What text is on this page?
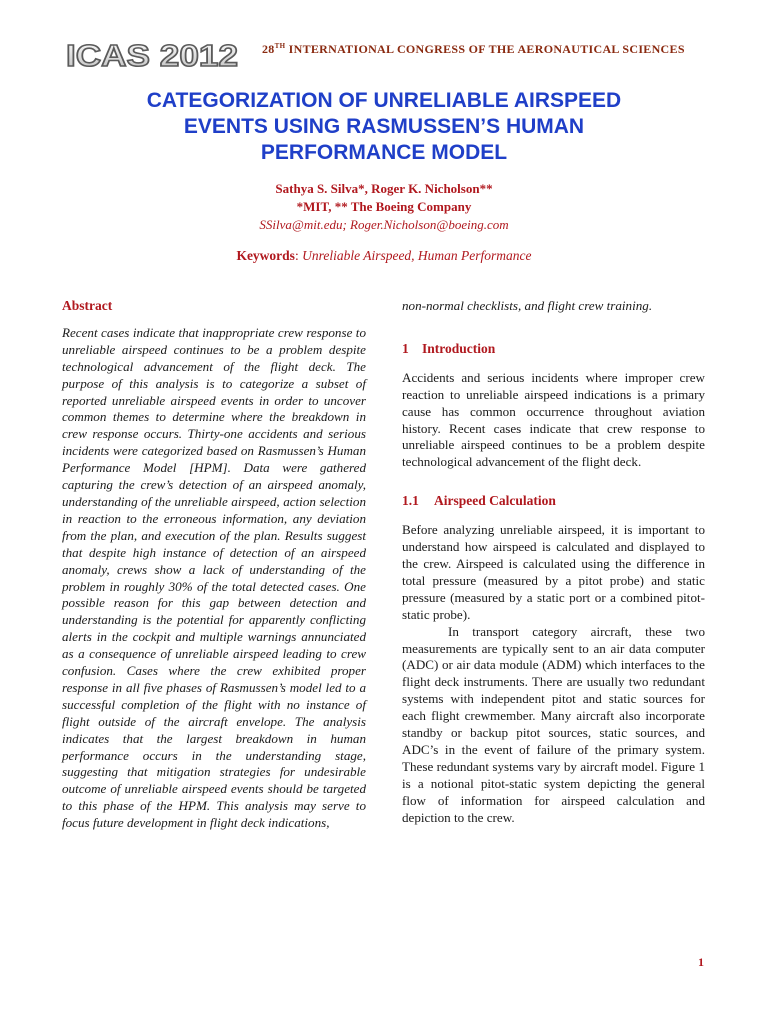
ICAS 2012 28TH INTERNATIONAL CONGRESS OF THE AERONAUTICAL SCIENCES
CATEGORIZATION OF UNRELIABLE AIRSPEED
EVENTS USING RASMUSSEN’S HUMAN
PERFORMANCE MODEL
Sathya S. Silva*, Roger K. Nicholson**
*MIT, ** The Boeing Company
SSilva@mit.edu; Roger.Nicholson@boeing.com
Keywords: Unreliable Airspeed, Human Performance
Abstract

Recent cases indicate that inappropriate crew response to unreliable airspeed continues to be a problem despite technological advancement of the flight deck. The purpose of this analysis is to categorize a subset of reported unreliable airspeed events in order to uncover common themes to determine where the breakdown in crew response occurs. Thirty-one accidents and serious incidents were categorized based on Rasmussen’s Human Performance Model [HPM]. Data were gathered capturing the crew’s detection of an airspeed anomaly, understanding of the unreliable airspeed, action selection in reaction to the erroneous information, any deviation from the plan, and execution of the plan. Results suggest that despite high instance of detection of an airspeed anomaly, crews show a lack of understanding of the problem in roughly 30% of the total detected cases. One possible reason for this gap between detection and understanding is the potential for apparently conflicting alerts in the cockpit and multiple warnings annunciated as a consequence of unreliable airspeed leading to crew confusion. Cases where the crew exhibited proper response in all five phases of Rasmussen’s model led to a successful completion of the flight with no instance of flight outside of the aircraft envelope. The analysis indicates that the largest breakdown in human performance occurs in the understanding stage, suggesting that mitigation strategies for undesirable outcome of unreliable airspeed events should be targeted to this phase of the HPM. This analysis may serve to focus future development in flight deck indications,

non-normal checklists, and flight crew training.

1 Introduction

Accidents and serious incidents where improper crew reaction to unreliable airspeed indications is a primary cause has common occurrence throughout aviation history. Recent cases indicate that crew response to unreliable airspeed continues to be a problem despite technological advancement of the flight deck.

1.1 Airspeed Calculation

Before analyzing unreliable airspeed, it is important to understand how airspeed is calculated and displayed to the crew. Airspeed is calculated using the difference in total pressure (measured by a pitot probe) and static pressure (measured by a static port or a combined pitot-static probe).

In transport category aircraft, these two measurements are typically sent to an air data computer (ADC) or air data module (ADM) which interfaces to the flight deck instruments. There are usually two redundant systems with independent pitot and static sources for each flight crewmember. Many aircraft also incorporate standby or backup pitot sources, static sources, and ADC’s in the event of failure of the primary system. These redundant systems vary by aircraft model. Figure 1 is a notional pitot-static system depicting the general flow of information for airspeed calculation and depiction to the crew.

1
